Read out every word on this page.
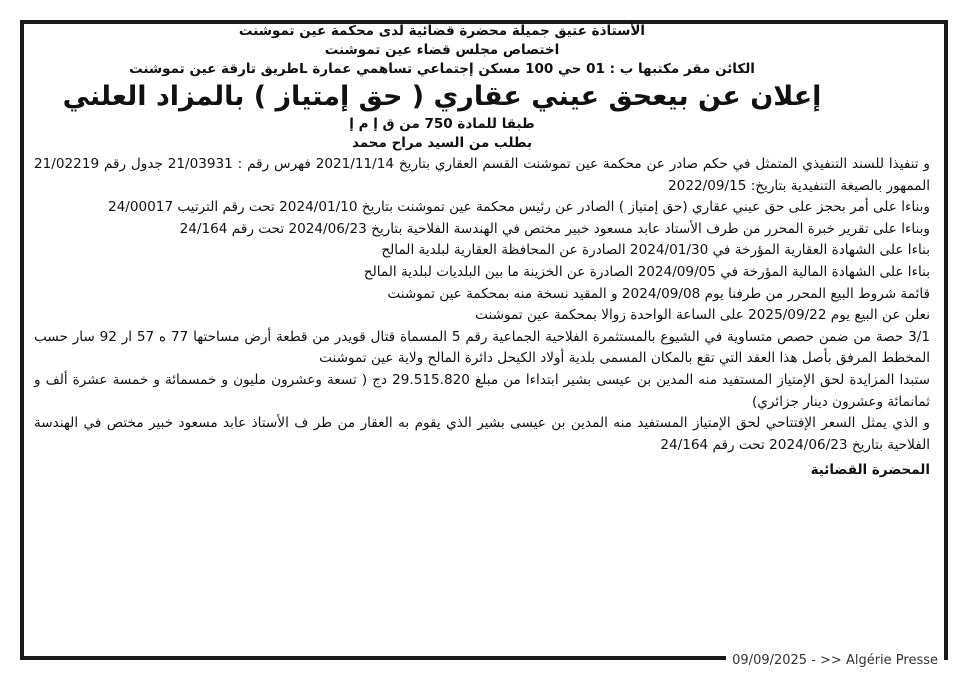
الأستاذة عتيق جميلة محضرة قضائية لدى محكمة عين تموشنت
اختصاص مجلس قضاء عين تموشنت
الكائن مقر مكتبها ب : 01 حي 100 مسكن إجتماعي تساهمي عمارة Lطريق تارقة عين تموشنت
إعلان عن بيعحق عيني عقاري ( حق إمتياز ) بالمزاد العلني
طبقا للمادة 750 من ق إ م إ
بطلب من السيد مراح محمد
و تنفيذا للسند التنفيذي المتمثل في حكم صادر عن محكمة عين تموشنت القسم العقاري بتاريخ 2021/11/14 فهرس رقم : 21/03931 جدول رقم 21/02219 الممهور بالصيغة التنفيدية بتاريخ: 2022/09/15
وبناءا على أمر بحجز على حق عيني عقاري (حق إمتياز ) الصادر عن رئيس محكمة عين تموشنت بتاريخ 2024/01/10 تحت رقم الترتيب 24/00017
وبناءا على تقرير خبرة المحرر من طرف الأستاد عابد مسعود خبير مختص في الهندسة الفلاحية بتاريخ 2024/06/23 تحت رقم 24/164
بناءا على الشهادة العقارية المؤرخة في 2024/01/30 الصادرة عن المحافظة العقارية لبلدية المالح
بناءا على الشهادة المالية المؤرخة في 2024/09/05 الصادرة عن الخزينة ما بين البلديات لبلدية المالح
قائمة شروط البيع المحرر من طرفنا يوم 2024/09/08 و المقيد نسخة منه بمحكمة عين تموشنت
نعلن عن البيع يوم 2025/09/22 على الساعة الواحدة زوالا بمحكمة عين تموشنت
3/1 حصة من ضمن حصص متساوية في الشيوع بالمستثمرة الفلاحية الجماعية رقم 5 المسماة قتال قويدر من قطعة أرض مساحتها 77 ه 57 ار 92 سار حسب المخطط المرفق بأصل هذا العقد التي تقع بالمكان المسمى بلدية أولاد الكيحل دائرة المالح ولاية عين تموشنت
ستبدا المزايدة لحق الإمتياز المستفيد منه المدين بن عيسى بشير ابتداءا من مبلغ 29.515.820 دج ( تسعة وعشرون مليون و خمسمائة و خمسة عشرة ألف و ثمانمائة وعشرون دينار جزائري)
و الذي يمثل السعر الإفتتاحي لحق الإمتياز المستفيد منه المدين بن عيسى بشير الذي يقوم به العقار من طر ف الأستاذ عابد مسعود خبير مختص في الهندسة الفلاحية بتاريخ 2024/06/23 تحت رقم 24/164
المحضرة القضائية
09/09/2025 - >> Algérie Presse
